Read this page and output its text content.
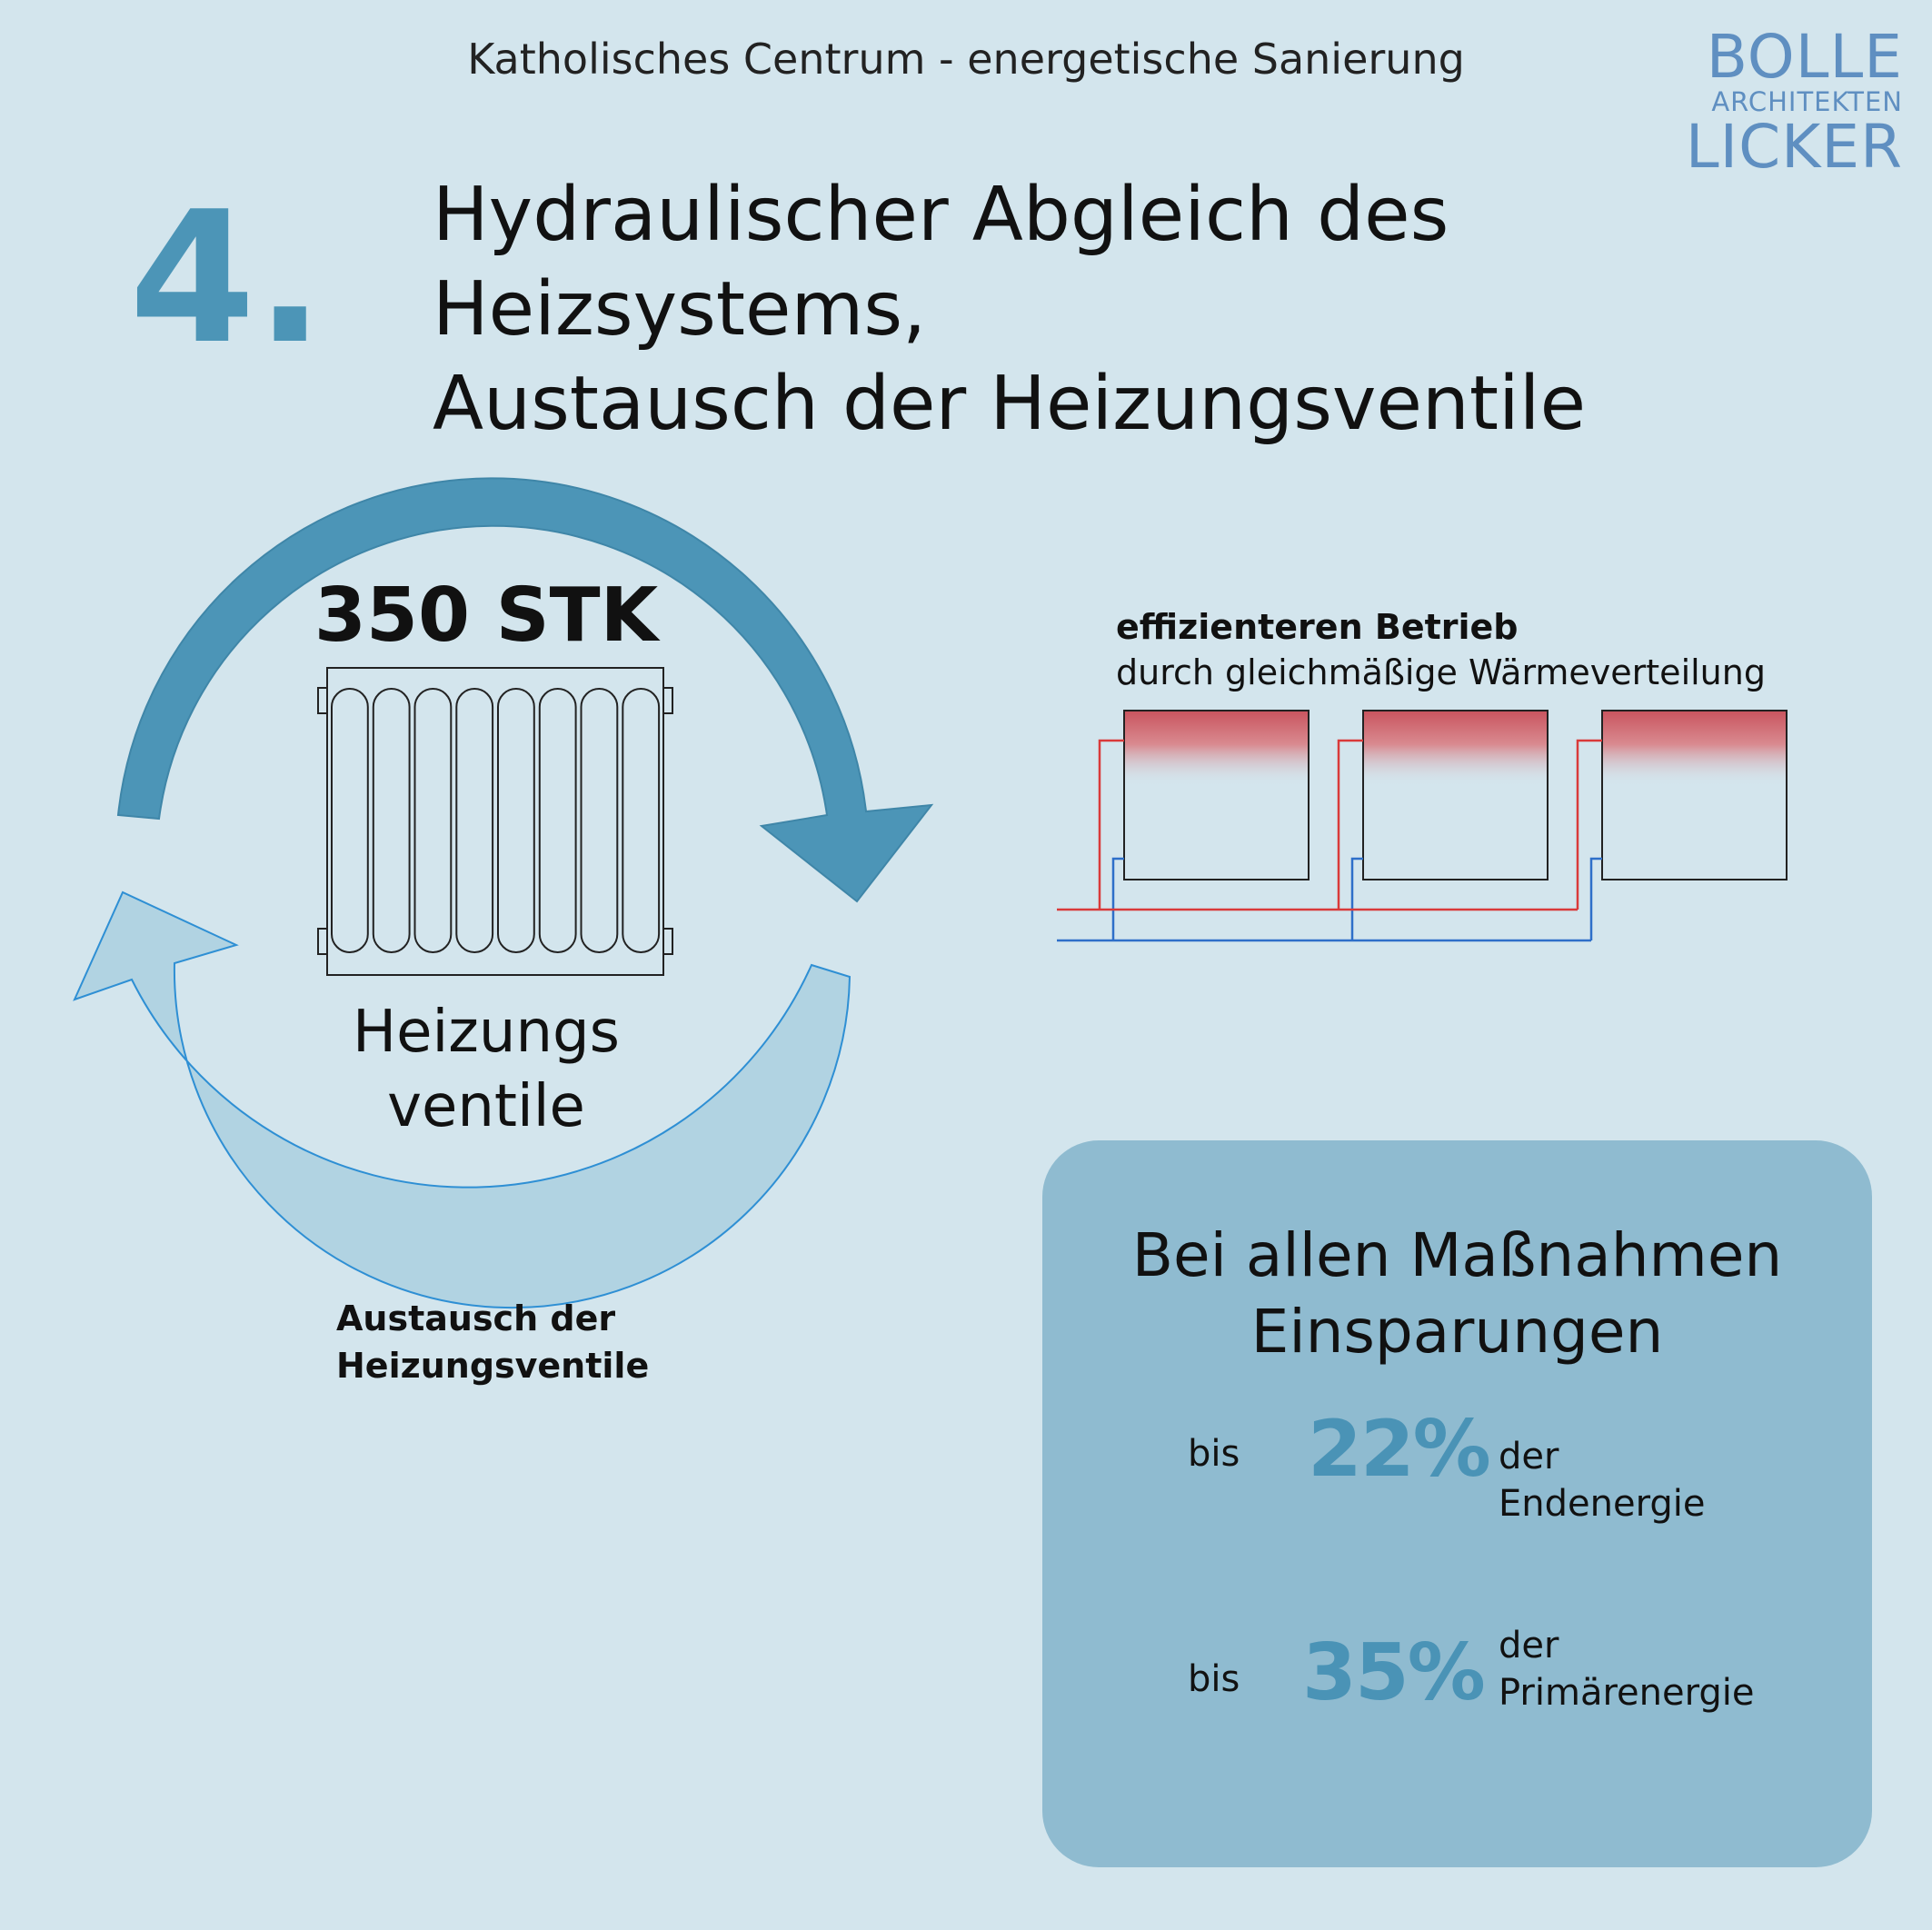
Katholisches Centrum - energetische Sanierung	BOLLE
ARCHITEKTEN
LICKER
4. Hydraulischer Abgleich des Heizsystems,
Austausch der Heizungsventile
350 STK
Heizungs
ventile
Austausch der
Heizungsventile
effizienteren Betrieb
durch gleichmäßige Wärmeverteilung
Bei allen Maßnahmen
Einsparungen
bis 22% der
Endenergie
bis 35% der
Primärenergie
